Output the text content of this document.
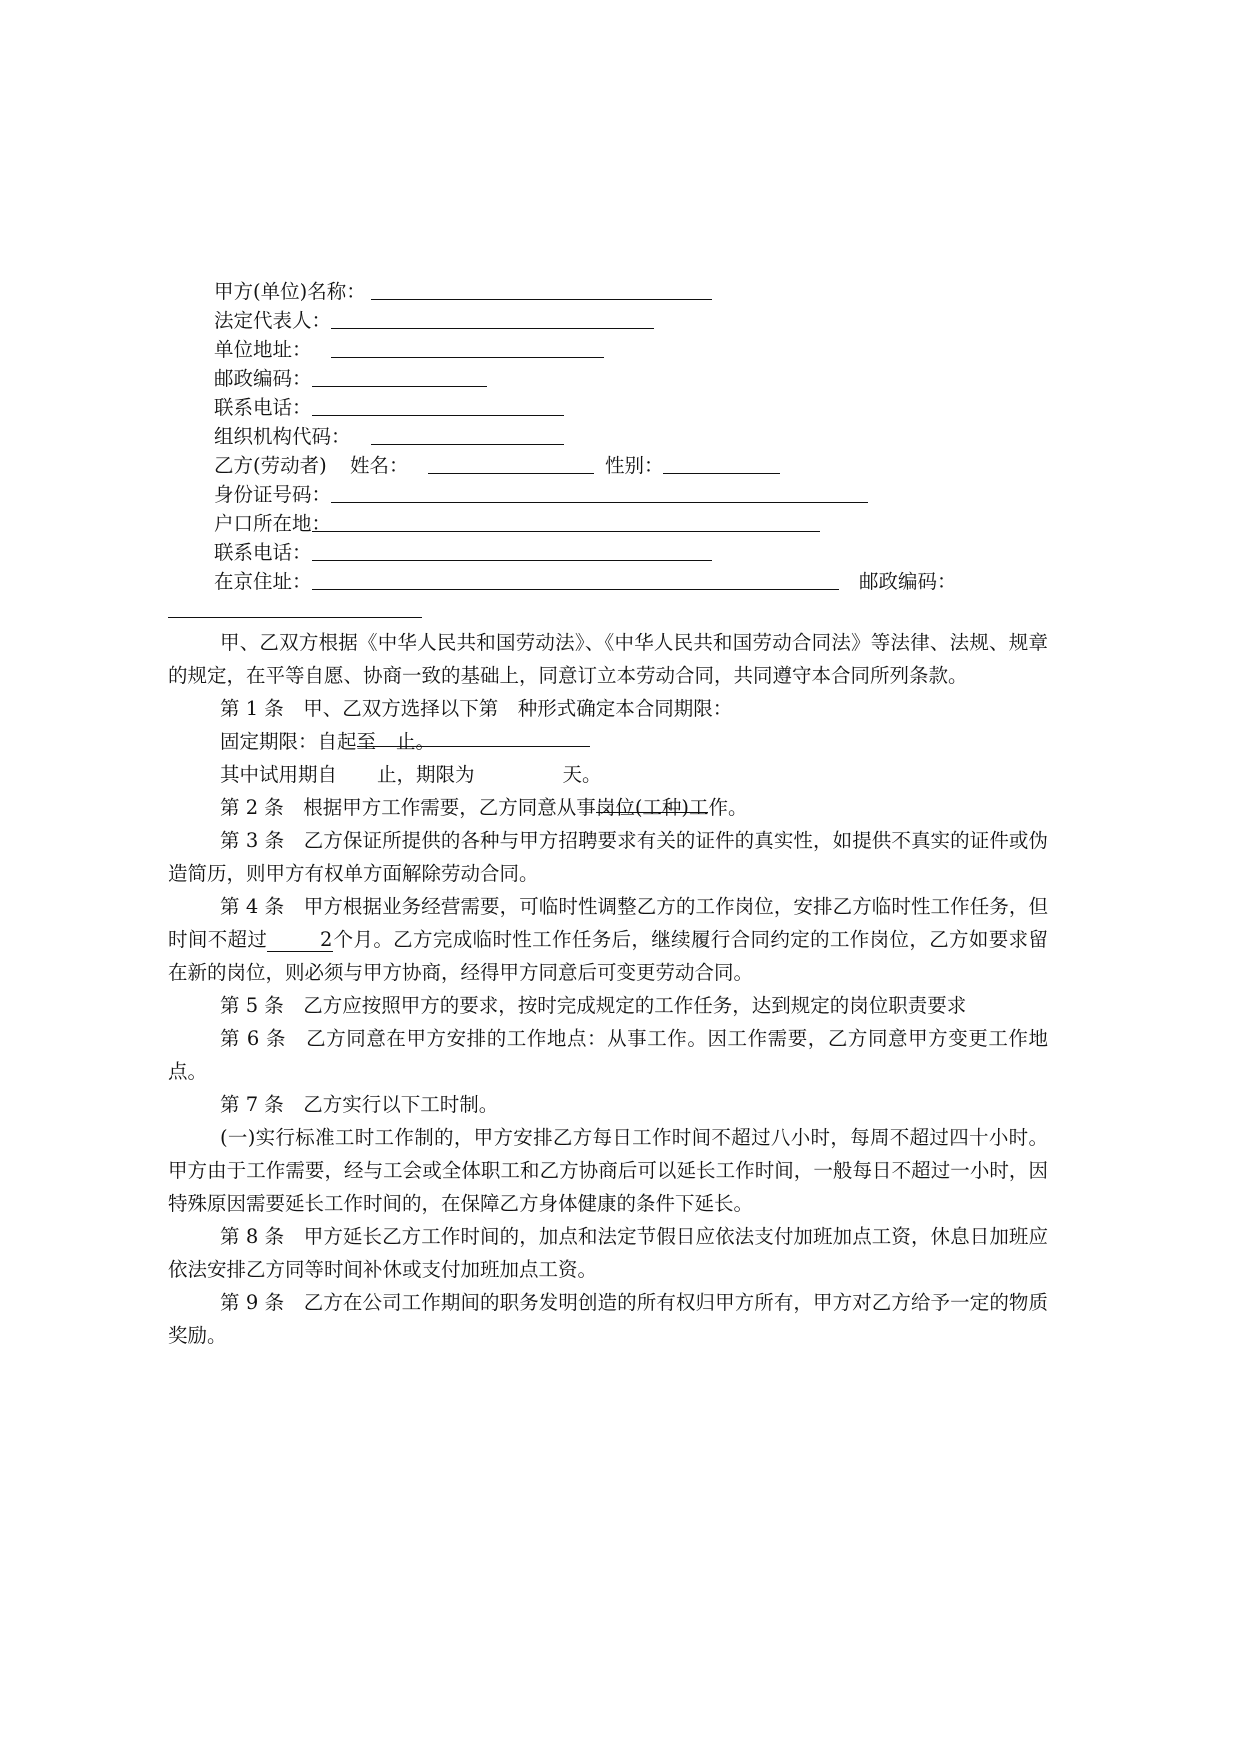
甲方(单位)名称：
法定代表人：
单位地址：
邮政编码：
联系电话：
组织机构代码：
乙方(劳动者) 姓名：	性别：
身份证号码：
户口所在地：
联系电话：
在京住址：	邮政编码：

甲、乙双方根据《中华人民共和国劳动法》、《中华人民共和国劳动合同法》等法律、法规、规章的规定，在平等自愿、协商一致的基础上，同意订立本劳动合同，共同遵守本合同所列条款。

第 1 条　甲、乙双方选择以下第　种形式确定本合同期限：

固定期限：自
起至 止。

其中试用期自 止，期限为	天。

第 2 条　根据甲方工作需要，乙方同意从事
岗位(工种)工作。

第 3 条　乙方保证所提供的各种与甲方招聘要求有关的证件的真实性，如提供不真实的证件或伪造简历，则甲方有权单方面解除劳动合同。

第 4 条　甲方根据业务经营需要，可临时性调整乙方的工作岗位，安排乙方临时性工作任务，但时间不超过	2个月。乙方完成临时性工作任务后，继续履行合同约定的工作岗位，乙方如要求留在新的岗位，则必须与甲方协商，经得甲方同意后可变更劳动合同。

第 5 条　乙方应按照甲方的要求，按时完成规定的工作任务，达到规定的岗位职责要求

第 6 条　乙方同意在甲方安排的工作地点：从事工作。因工作需要，乙方同意甲方变更工作地点。

第 7 条　乙方实行以下工时制。

(一)实行标准工时工作制的，甲方安排乙方每日工作时间不超过八小时，每周不超过四十小时。甲方由于工作需要，经与工会或全体职工和乙方协商后可以延长工作时间，一般每日不超过一小时，因特殊原因需要延长工作时间的，在保障乙方身体健康的条件下延长。

第 8 条　甲方延长乙方工作时间的，加点和法定节假日应依法支付加班加点工资，休息日加班应依法安排乙方同等时间补休或支付加班加点工资。

第 9 条　乙方在公司工作期间的职务发明创造的所有权归甲方所有，甲方对乙方给予一定的物质奖励。
